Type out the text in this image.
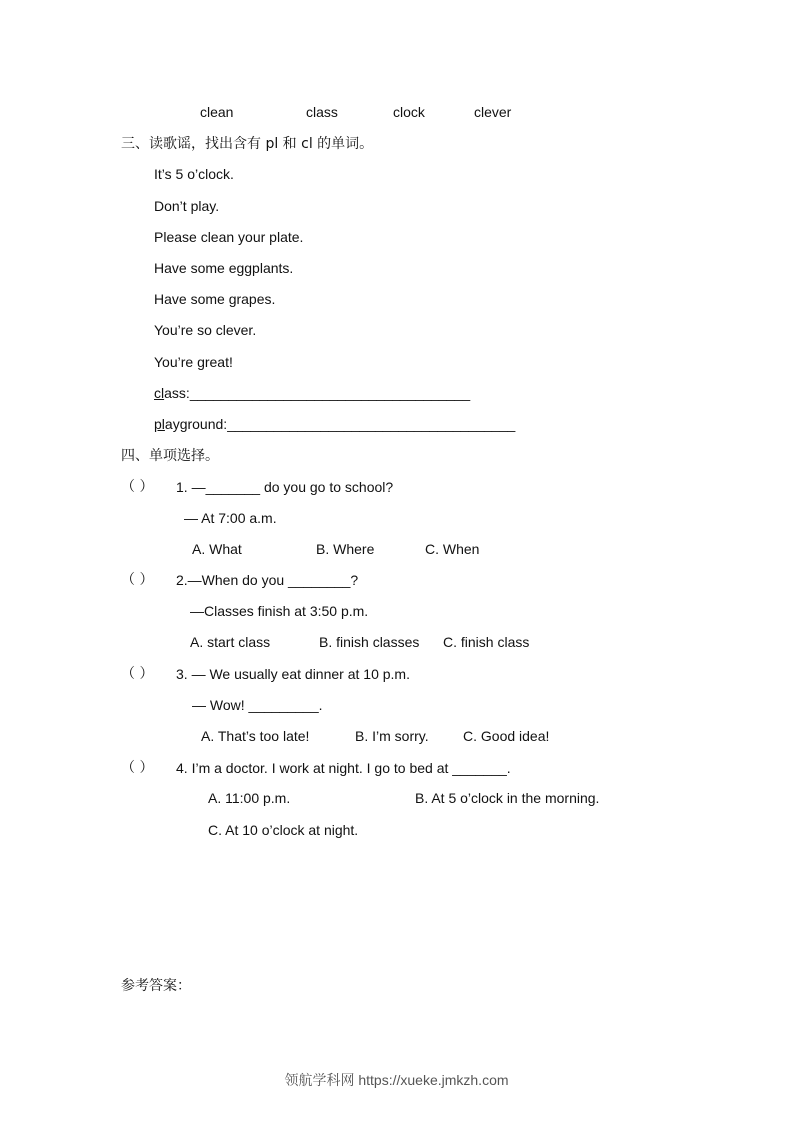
clean	class	clock	clever
三、读歌谣，找出含有 pl 和 cl 的单词。
It’s 5 o’clock.
Don’t play.
Please clean your plate.
Have some eggplants.
Have some grapes.
You’re so clever.
You’re great!
class:____________________________________
playground:_____________________________________
四、单项选择。
（ ） 1. —_______ do you go to school?
— At 7:00 a.m.
A. What	B. Where	C. When
（ ） 2.—When do you ________?
—Classes finish at 3:50 p.m.
A. start class	B. finish classes C. finish class
（ ） 3. — We usually eat dinner at 10 p.m.
— Wow! _________.
A. That’s too late!	B. I’m sorry. C. Good idea!
（ ） 4. I’m a doctor. I work at night. I go to bed at _______.
A. 11:00 p.m.	B. At 5 o’clock in the morning.
C. At 10 o’clock at night.
参考答案：
领航学科网 https://xueke.jmkzh.com
